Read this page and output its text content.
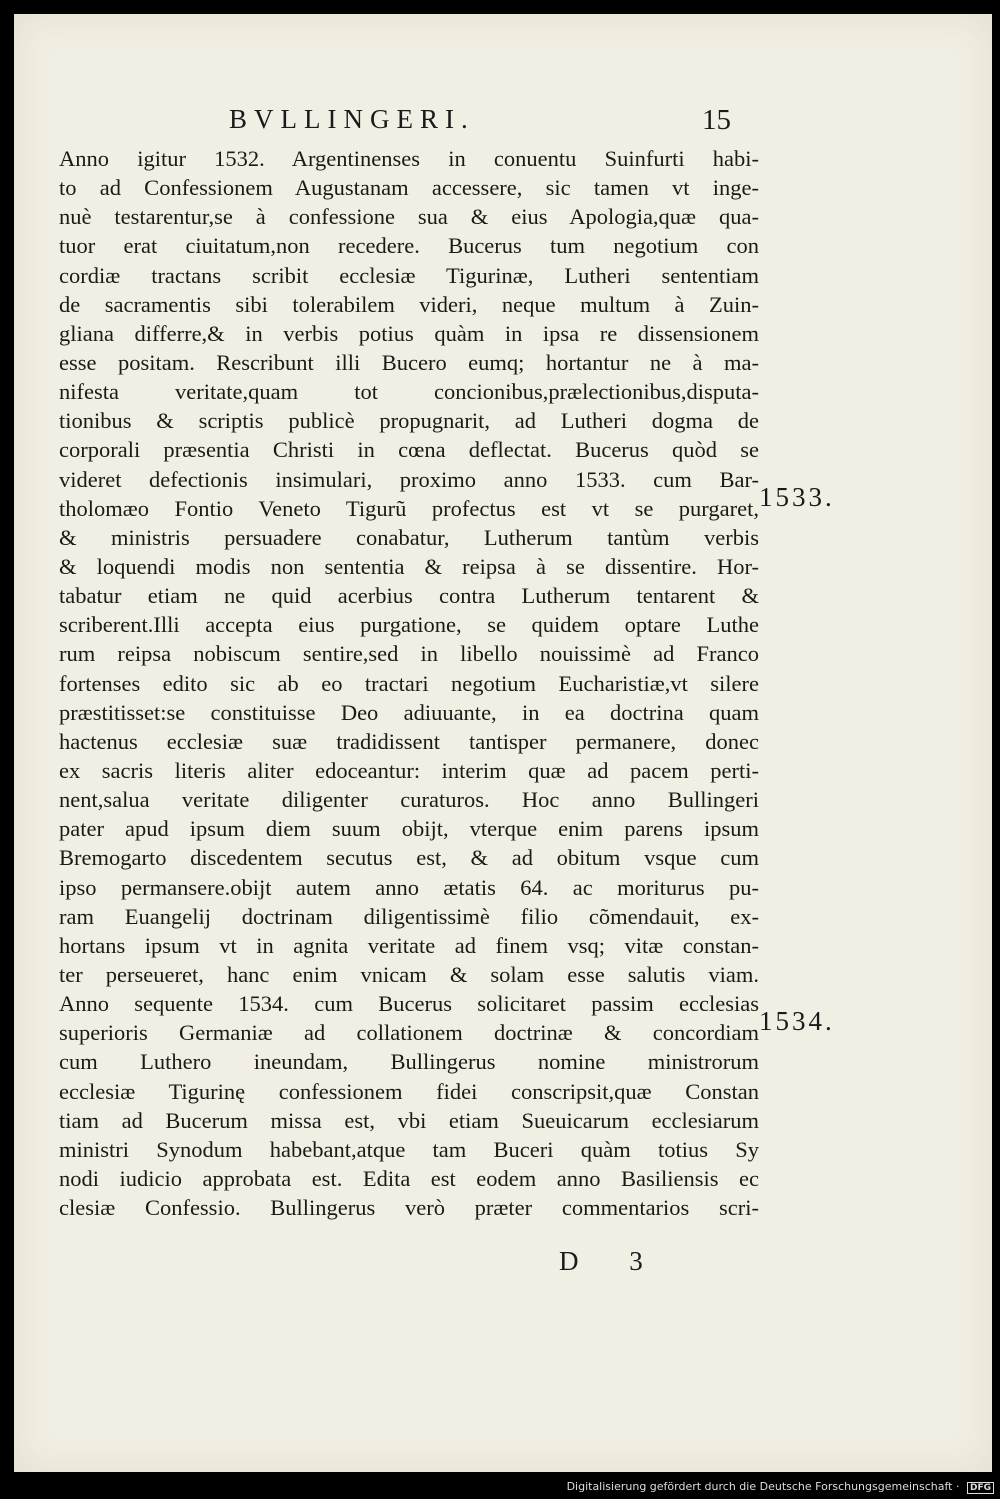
BVLLINGERI.	15
Anno igitur 1532. Argentinenses in conuentu Suinfurti habi-
to ad Confessionem Augustanam accessere, sic tamen vt inge-
nuè testarentur,se à confessione sua & eius Apologia,quæ qua-
tuor erat ciuitatum,non recedere. Bucerus tum negotium con
cordiæ tractans scribit ecclesiæ Tigurinæ, Lutheri sententiam
de sacramentis sibi tolerabilem videri, neque multum à Zuin-
gliana differre,& in verbis potius quàm in ipsa re dissensionem
esse positam. Rescribunt illi Bucero eumq; hortantur ne à ma-
nifesta veritate,quam tot concionibus,prælectionibus,disputa-
tionibus & scriptis publicè propugnarit, ad Lutheri dogma de
corporali præsentia Christi in cœna deflectat. Bucerus quòd se
videret defectionis insimulari, proximo anno 1533. cum Bar-
tholomæo Fontio Veneto Tigurũ profectus est vt se purgaret,
& ministris persuadere conabatur, Lutherum tantùm verbis
& loquendi modis non sententia & reipsa à se dissentire. Hor-
tabatur etiam ne quid acerbius contra Lutherum tentarent &
scriberent.Illi accepta eius purgatione, se quidem optare Luthe
rum reipsa nobiscum sentire,sed in libello nouissimè ad Franco
fortenses edito sic ab eo tractari negotium Eucharistiæ,vt silere
præstitisset:se constituisse Deo adiuuante, in ea doctrina quam
hactenus ecclesiæ suæ tradidissent tantisper permanere, donec
ex sacris literis aliter edoceantur: interim quæ ad pacem perti-
nent,salua veritate diligenter curaturos. Hoc anno Bullingeri
pater apud ipsum diem suum obijt, vterque enim parens ipsum
Bremogarto discedentem secutus est, & ad obitum vsque cum
ipso permansere.obijt autem anno ætatis 64. ac moriturus pu-
ram Euangelij doctrinam diligentissimè filio cõmendauit, ex-
hortans ipsum vt in agnita veritate ad finem vsq; vitæ constan-
ter perseueret, hanc enim vnicam & solam esse salutis viam.
Anno sequente 1534. cum Bucerus solicitaret passim ecclesias
superioris Germaniæ ad collationem doctrinæ & concordiam
cum Luthero ineundam, Bullingerus nomine ministrorum
ecclesiæ Tigurinę confessionem fidei conscripsit,quæ Constan
tiam ad Bucerum missa est, vbi etiam Sueuicarum ecclesiarum
ministri Synodum habebant,atque tam Buceri quàm totius Sy
nodi iudicio approbata est. Edita est eodem anno Basiliensis ec
clesiæ Confessio. Bullingerus verò præter commentarios scri-
1533.
1534.
D 3
Digitalisierung gefördert durch die Deutsche Forschungsgemeinschaft · DFG
